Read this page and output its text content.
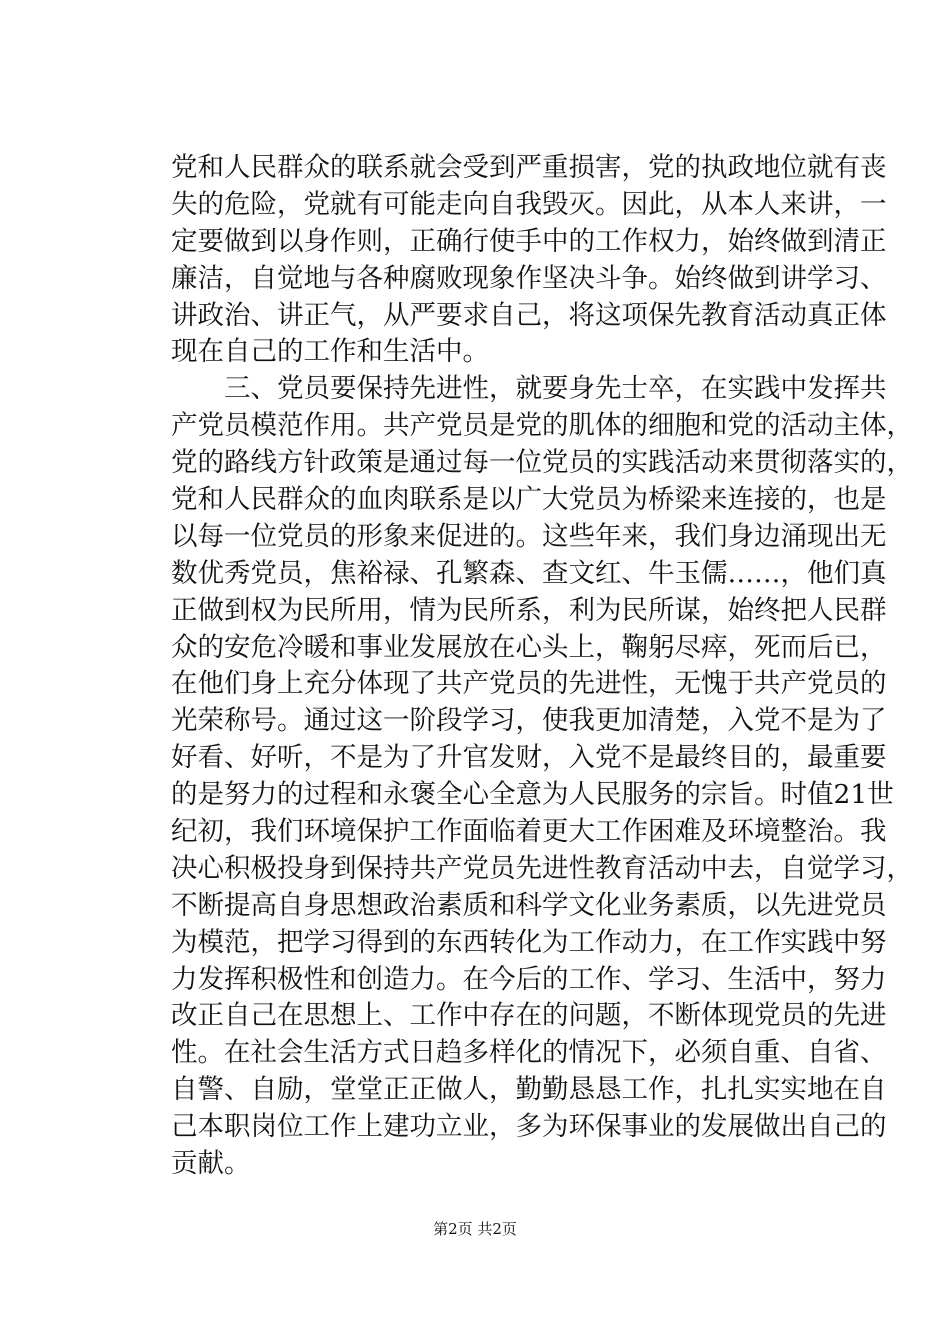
党和人民群众的联系就会受到严重损害，党的执政地位就有丧
失的危险，党就有可能走向自我毁灭。因此，从本人来讲，一
定要做到以身作则，正确行使手中的工作权力，始终做到清正
廉洁，自觉地与各种腐败现象作坚决斗争。始终做到讲学习、
讲政治、讲正气，从严要求自己，将这项保先教育活动真正体
现在自己的工作和生活中。
　　三、党员要保持先进性，就要身先士卒，在实践中发挥共
产党员模范作用。共产党员是党的肌体的细胞和党的活动主体，
党的路线方针政策是通过每一位党员的实践活动来贯彻落实的，
党和人民群众的血肉联系是以广大党员为桥梁来连接的，也是
以每一位党员的形象来促进的。这些年来，我们身边涌现出无
数优秀党员，焦裕禄、孔繁森、查文红、牛玉儒……，他们真
正做到权为民所用，情为民所系，利为民所谋，始终把人民群
众的安危冷暖和事业发展放在心头上，鞠躬尽瘁，死而后已，
在他们身上充分体现了共产党员的先进性，无愧于共产党员的
光荣称号。通过这一阶段学习，使我更加清楚，入党不是为了
好看、好听，不是为了升官发财，入党不是最终目的，最重要
的是努力的过程和永褒全心全意为人民服务的宗旨。时值21世
纪初，我们环境保护工作面临着更大工作困难及环境整治。我
决心积极投身到保持共产党员先进性教育活动中去，自觉学习，
不断提高自身思想政治素质和科学文化业务素质，以先进党员
为模范，把学习得到的东西转化为工作动力，在工作实践中努
力发挥积极性和创造力。在今后的工作、学习、生活中，努力
改正自己在思想上、工作中存在的问题，不断体现党员的先进
性。在社会生活方式日趋多样化的情况下，必须自重、自省、
自警、自励，堂堂正正做人，勤勤恳恳工作，扎扎实实地在自
己本职岗位工作上建功立业，多为环保事业的发展做出自己的
贡献。
第2页 共2页
